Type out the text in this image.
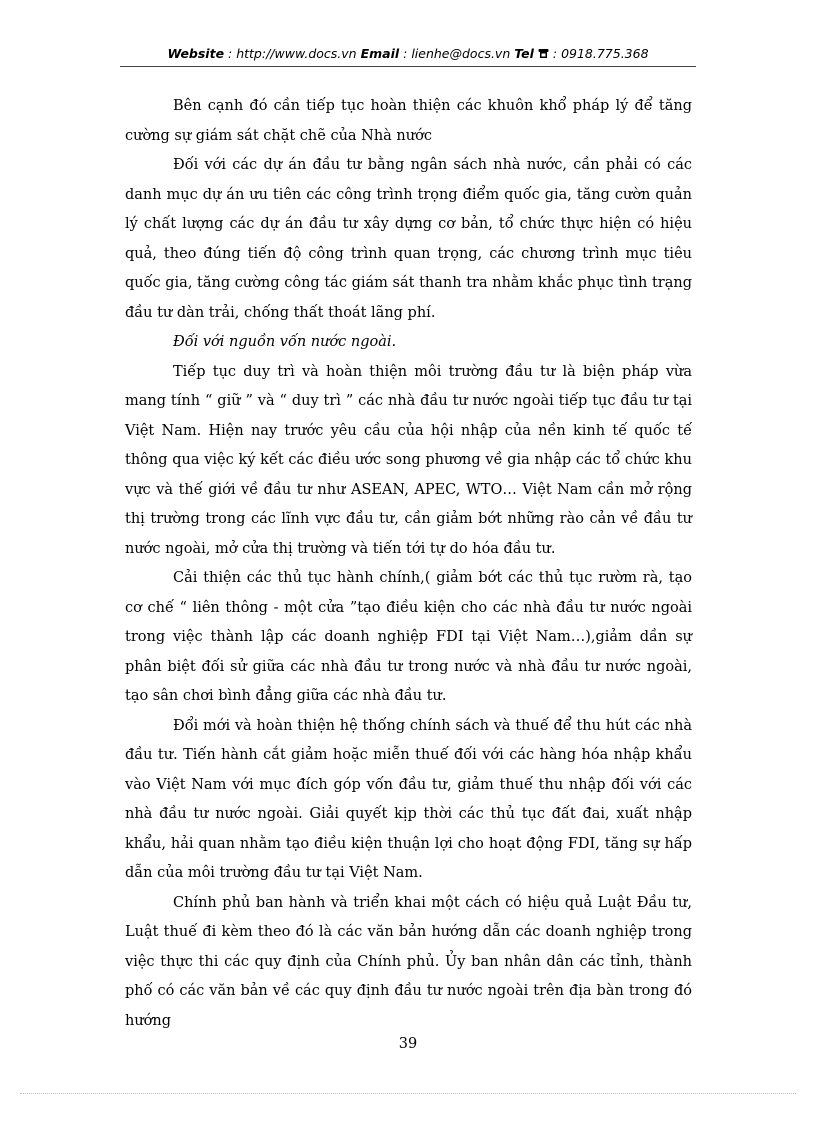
Website : http://www.docs.vn Email : lienhe@docs.vn Tel  : 0918.775.368

Bên cạnh đó cần tiếp tục hoàn thiện các khuôn khổ pháp lý để tăng cường sự giám sát chặt chẽ của Nhà nước

Đối với các dự án đầu tư bằng ngân sách nhà nước, cần phải có các danh mục dự án ưu tiên các công trình trọng điểm quốc gia, tăng cườn quản lý chất lượng các dự án đầu tư xây dựng cơ bản, tổ chức thực hiện có hiệu quả, theo đúng tiến độ công trình quan trọng, các chương trình mục tiêu quốc gia, tăng cường công tác giám sát thanh tra nhằm khắc phục tình trạng đầu tư dàn trải, chống thất thoát lãng phí.

Đối với nguồn vốn nước ngoài.

Tiếp tục duy trì và hoàn thiện môi trường đầu tư là biện pháp vừa mang tính “ giữ ” và “ duy trì ” các nhà đầu tư nước ngoài tiếp tục đầu tư tại Việt Nam. Hiện nay trước yêu cầu của hội nhập của nền kinh tế quốc tế thông qua việc ký kết các điều ước song phương về gia nhập các tổ chức khu vực và thế giới về đầu tư như ASEAN, APEC, WTO… Việt Nam cần mở rộng thị trường trong các lĩnh vực đầu tư, cần giảm bớt những rào cản về đầu tư nước ngoài, mở cửa thị trường và tiến tới tự do hóa đầu tư.

Cải thiện các thủ tục hành chính,( giảm bớt các thủ tục rườm rà, tạo cơ chế “ liên thông - một cửa ”tạo điều kiện cho các nhà đầu tư nước ngoài trong việc thành lập các doanh nghiệp FDI tại Việt Nam…),giảm dần sự phân biệt đối sử giữa các nhà đầu tư trong nước và nhà đầu tư nước ngoài, tạo sân chơi bình đẳng giữa các nhà đầu tư.

Đổi mới và hoàn thiện hệ thống chính sách và thuế để thu hút các nhà đầu tư. Tiến hành cắt giảm hoặc miễn thuế đối với các hàng hóa nhập khẩu vào Việt Nam với mục đích góp vốn đầu tư, giảm thuế thu nhập đối với các nhà đầu tư nước ngoài. Giải quyết kịp thời các thủ tục đất đai, xuất nhập khẩu, hải quan nhằm tạo điều kiện thuận lợi cho hoạt động FDI, tăng sự hấp dẫn của môi trường đầu tư tại Việt Nam.

Chính phủ ban hành và triển khai một cách có hiệu quả Luật Đầu tư, Luật thuế đi kèm theo đó là các văn bản hướng dẫn các doanh nghiệp trong việc thực thi các quy định của Chính phủ. Ủy ban nhân dân các tỉnh, thành phố có các văn bản về các quy định đầu tư nước ngoài trên địa bàn trong đó hướng

39
